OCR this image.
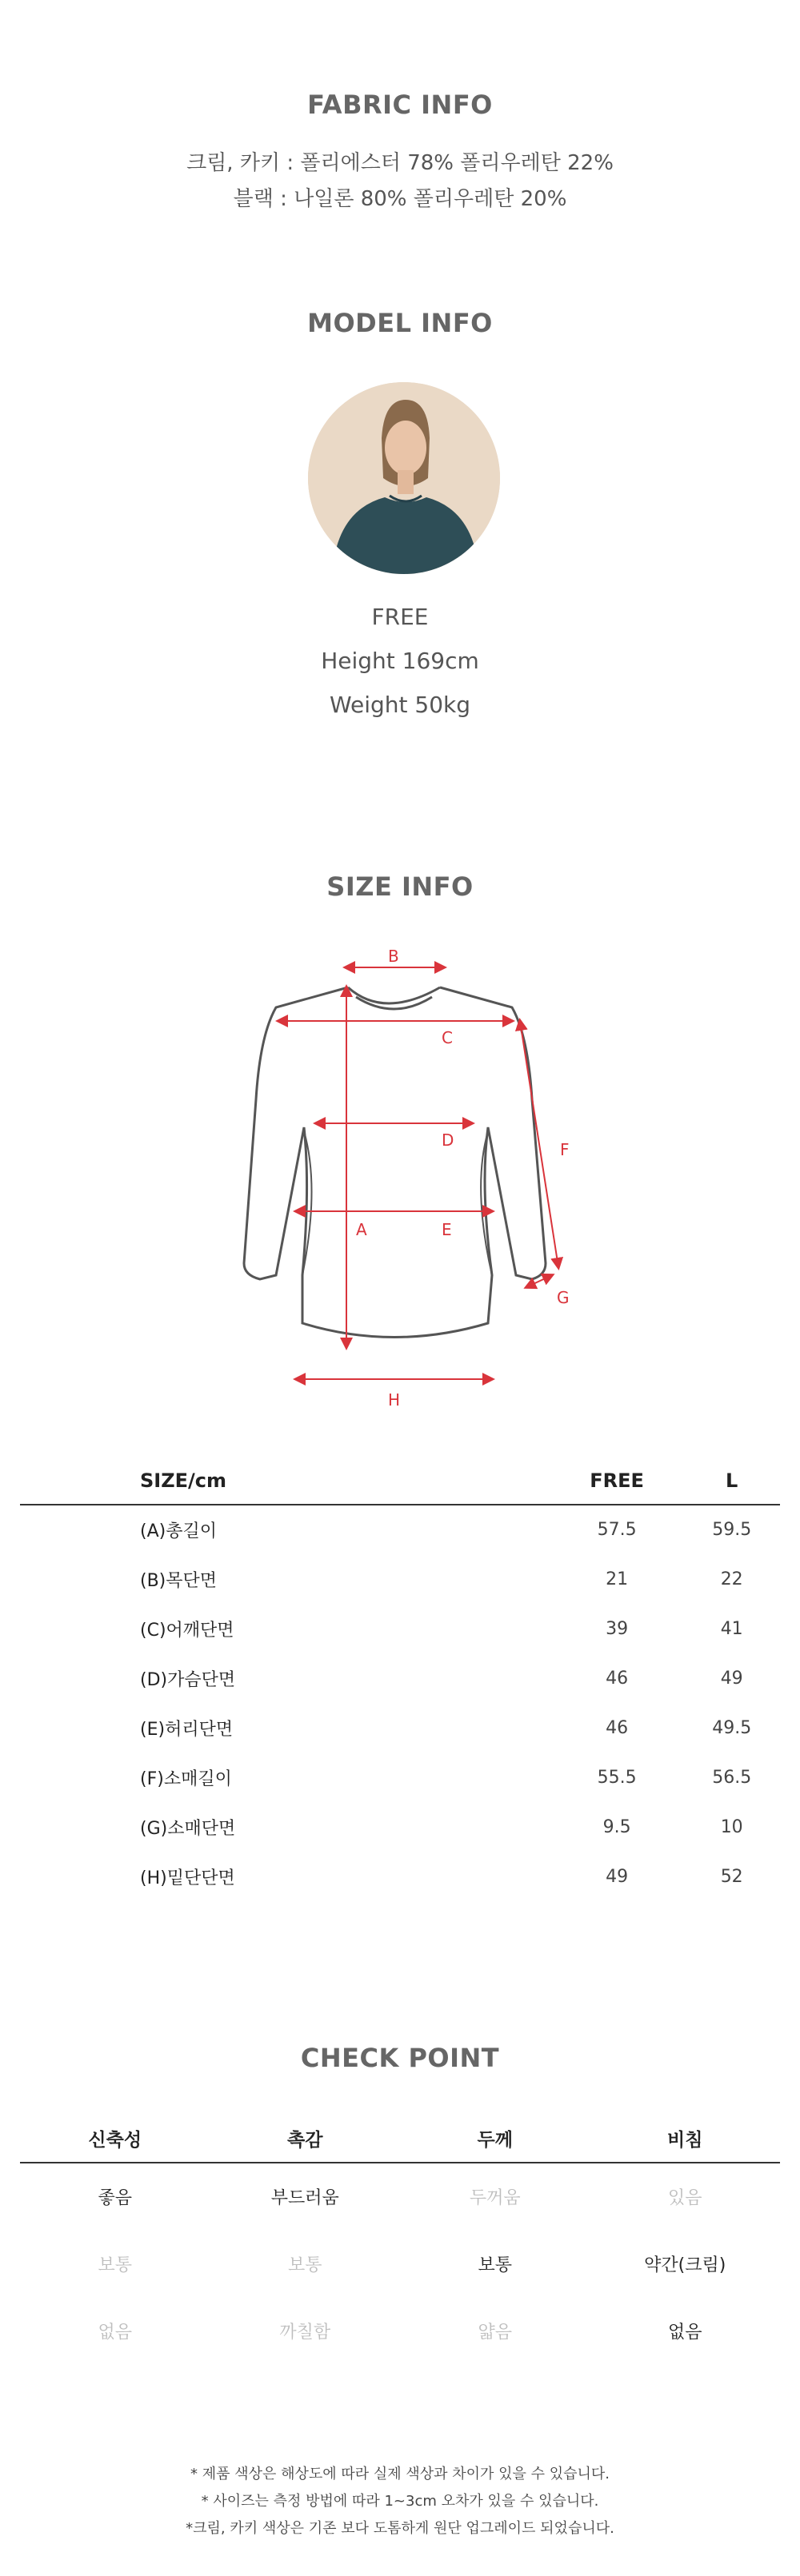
FABRIC INFO
크림, 카키 : 폴리에스터 78% 폴리우레탄 22%
블랙 : 나일론 80% 폴리우레탄 20%
MODEL INFO
FREE
Height 169cm
Weight 50kg
SIZE INFO
B
C
D
A	E
F
G
H
SIZE/cm	FREE	L
(A)총길이	57.5	59.5
(B)목단면	21	22
(C)어깨단면	39	41
(D)가슴단면	46	49
(E)허리단면	46	49.5
(F)소매길이	55.5	56.5
(G)소매단면	9.5	10
(H)밑단단면	49	52
CHECK POINT
신축성	촉감	두께	비침
좋음	부드러움	두꺼움	있음
보통	보통	보통	약간(크림)
없음	까칠함	얇음	없음
* 제품 색상은 해상도에 따라 실제 색상과 차이가 있을 수 있습니다.
* 사이즈는 측정 방법에 따라 1~3cm 오차가 있을 수 있습니다.
*크림, 카키 색상은 기존 보다 도톰하게 원단 업그레이드 되었습니다.
